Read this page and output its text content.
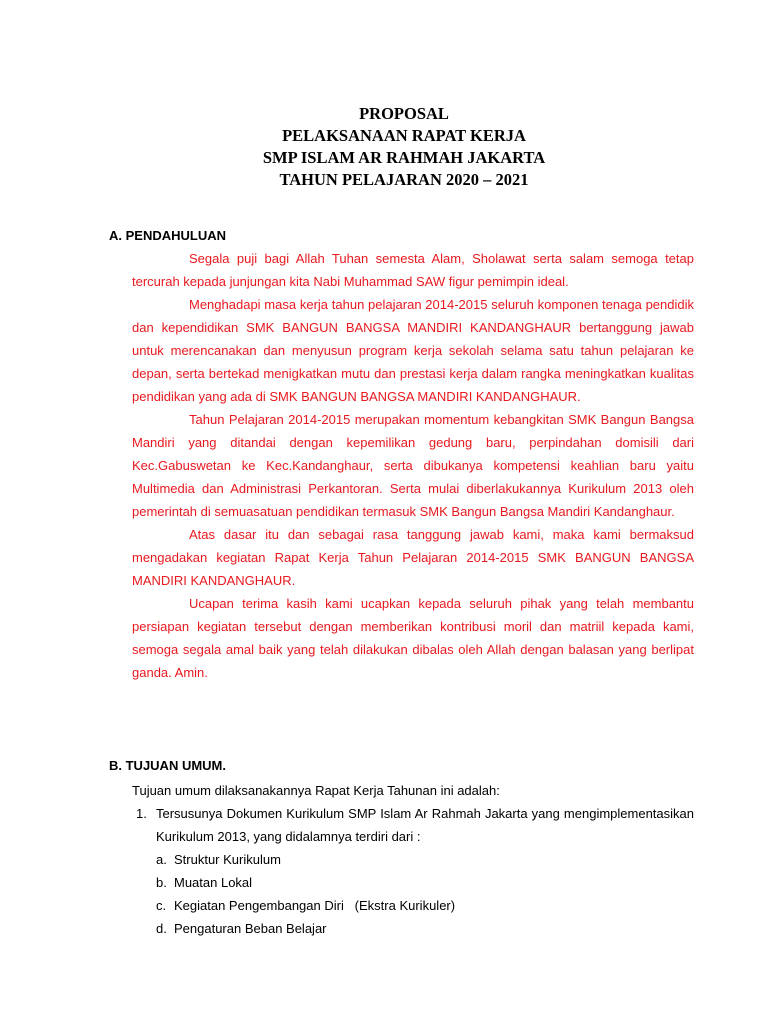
PROPOSAL
PELAKSANAAN RAPAT KERJA
SMP ISLAM AR RAHMAH JAKARTA
TAHUN PELAJARAN 2020 – 2021
A. PENDAHULUAN

Segala puji bagi Allah Tuhan semesta Alam, Sholawat serta salam semoga tetap tercurah kepada junjungan kita Nabi Muhammad SAW figur pemimpin ideal.

Menghadapi masa kerja tahun pelajaran 2014-2015 seluruh komponen tenaga pendidik dan kependidikan SMK BANGUN BANGSA MANDIRI KANDANGHAUR bertanggung jawab untuk merencanakan dan menyusun program kerja sekolah selama satu tahun pelajaran ke depan, serta bertekad menigkatkan mutu dan prestasi kerja dalam rangka meningkatkan kualitas pendidikan yang ada di SMK BANGUN BANGSA MANDIRI KANDANGHAUR.

Tahun Pelajaran 2014-2015 merupakan momentum kebangkitan SMK Bangun Bangsa Mandiri yang ditandai dengan kepemilikan gedung baru, perpindahan domisili dari Kec.Gabuswetan ke Kec.Kandanghaur, serta dibukanya kompetensi keahlian baru yaitu Multimedia dan Administrasi Perkantoran. Serta mulai diberlakukannya Kurikulum 2013 oleh pemerintah di semuasatuan pendidikan termasuk SMK Bangun Bangsa Mandiri Kandanghaur.

Atas dasar itu dan sebagai rasa tanggung jawab kami, maka kami bermaksud mengadakan kegiatan Rapat Kerja Tahun Pelajaran 2014-2015 SMK BANGUN BANGSA MANDIRI KANDANGHAUR.

Ucapan terima kasih kami ucapkan kepada seluruh pihak yang telah membantu persiapan kegiatan tersebut dengan memberikan kontribusi moril dan matriil kepada kami, semoga segala amal baik yang telah dilakukan dibalas oleh Allah dengan balasan yang berlipat ganda. Amin.

B. TUJUAN UMUM.

Tujuan umum dilaksanakannya Rapat Kerja Tahunan ini adalah:

1. Tersusunya Dokumen Kurikulum SMP Islam Ar Rahmah Jakarta yang mengimplementasikan Kurikulum 2013, yang didalamnya terdiri dari :
a. Struktur Kurikulum
b. Muatan Lokal
c. Kegiatan Pengembangan Diri   (Ekstra Kurikuler)
d. Pengaturan Beban Belajar
